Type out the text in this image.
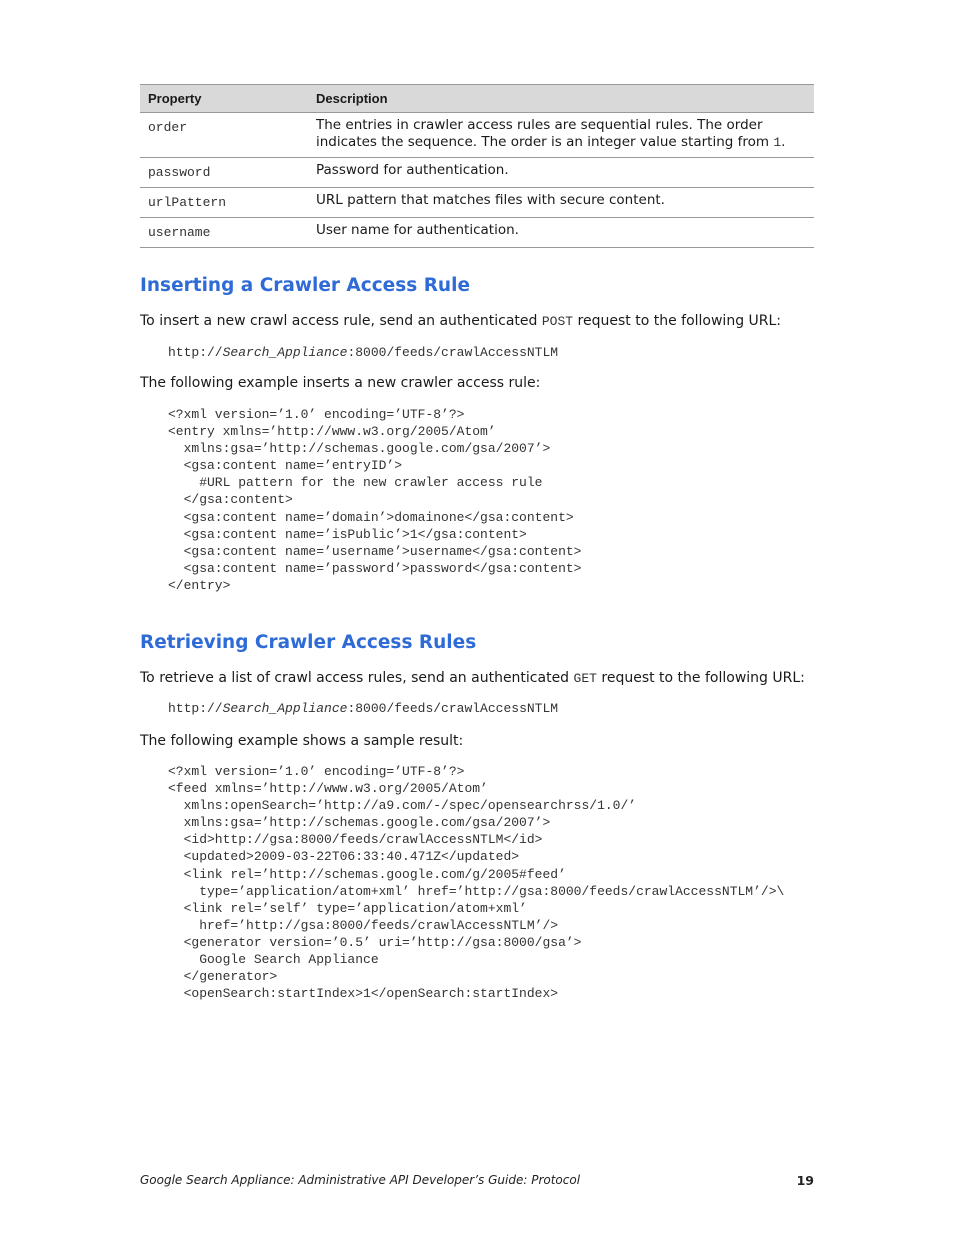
Property	Description
order	The entries in crawler access rules are sequential rules. The order indicates the sequence. The order is an integer value starting from 1.
password	Password for authentication.
urlPattern	URL pattern that matches files with secure content.
username	User name for authentication.
Inserting a Crawler Access Rule

To insert a new crawl access rule, send an authenticated POST request to the following URL:

http://Search_Appliance:8000/feeds/crawlAccessNTLM

The following example inserts a new crawler access rule:

<?xml version=’1.0’ encoding=’UTF-8’?>
<entry xmlns=’http://www.w3.org/2005/Atom’
xmlns:gsa=’http://schemas.google.com/gsa/2007’>
<gsa:content name=’entryID’>
#URL pattern for the new crawler access rule
</gsa:content>
<gsa:content name=’domain’>domainone</gsa:content>
<gsa:content name=’isPublic’>1</gsa:content>
<gsa:content name=’username’>username</gsa:content>
<gsa:content name=’password’>password</gsa:content>
</entry>
Retrieving Crawler Access Rules

To retrieve a list of crawl access rules, send an authenticated GET request to the following URL:

http://Search_Appliance:8000/feeds/crawlAccessNTLM

The following example shows a sample result:

<?xml version=’1.0’ encoding=’UTF-8’?>
<feed xmlns=’http://www.w3.org/2005/Atom’
xmlns:openSearch=’http://a9.com/-/spec/opensearchrss/1.0/’
xmlns:gsa=’http://schemas.google.com/gsa/2007’>
<id>http://gsa:8000/feeds/crawlAccessNTLM</id>
<updated>2009-03-22T06:33:40.471Z</updated>
<link rel=’http://schemas.google.com/g/2005#feed’
type=’application/atom+xml’ href=’http://gsa:8000/feeds/crawlAccessNTLM’/>\
<link rel=’self’ type=’application/atom+xml’
href=’http://gsa:8000/feeds/crawlAccessNTLM’/>
<generator version=’0.5’ uri=’http://gsa:8000/gsa’>
Google Search Appliance
</generator>
<openSearch:startIndex>1</openSearch:startIndex>
Google Search Appliance: Administrative API Developer’s Guide: Protocol	19
